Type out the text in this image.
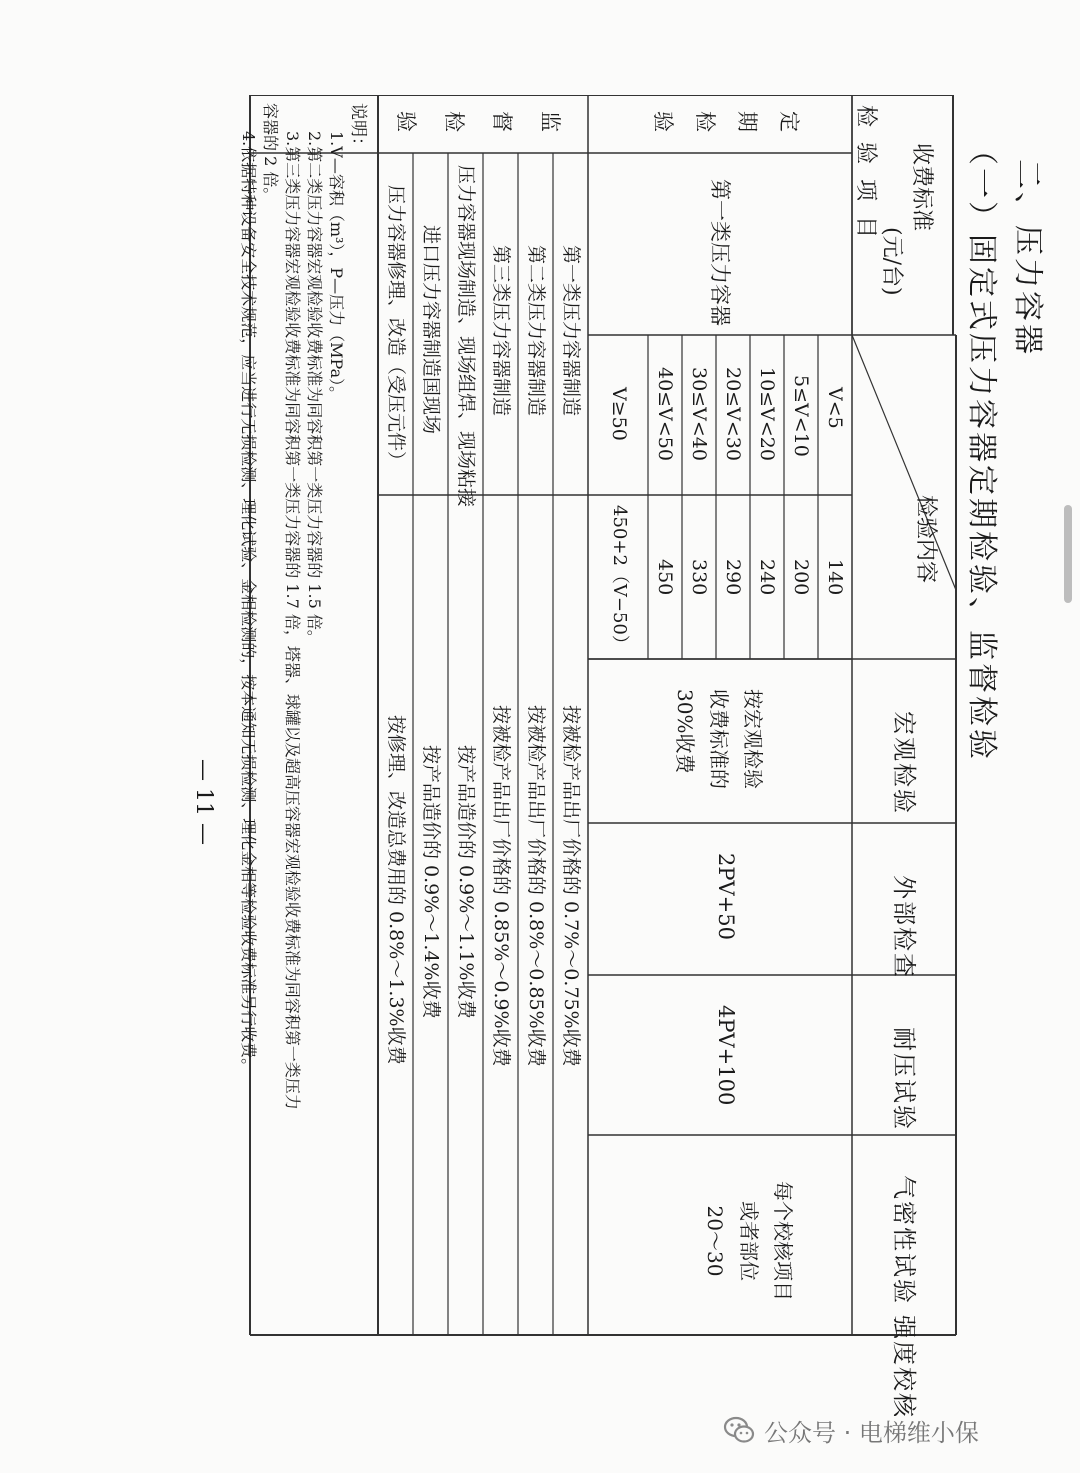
二、压力容器
（一）固定式压力容器定期检验、监督检验
收费标准
(元/台)
检 验 项 目
检验内容
宏观检验
外部检查
耐压试验
气密性试验
强度校核
定
期
检
验
监
督
检
验
第一类压力容器
V<5
140
5≤V<10
200
10≤V<20
240
20≤V<30
290
30≤V<40
330
40≤V<50
450
V≥50
450+2（V−50）
按宏观检验
收费标准的
30%收费
2PV+50
4PV+100
每个校核项目
或者部位
20～30
第一类压力容器制造
按被检产品出厂价格的 0.7%～0.75%收费
第二类压力容器制造
按被检产品出厂价格的 0.8%～0.85%收费
第三类压力容器制造
按被检产品出厂价格的 0.85%～0.9%收费
压力容器现场制造、现场组焊、现场粘接
按产品造价的 0.9%～1.1%收费
进口压力容器制造国现场
按产品造价的 0.9%～1.4%收费
压力容器修理、改造（受压元件）
按修理、改造总费用的 0.8%～1.3%收费
说明：
1.V—容积（m³），P—压力（MPa）。
2.第二类压力容器宏观检验收费标准为同容积第一类压力容器的 1.5 倍。
3.第三类压力容器宏观检验收费标准为同容积第一类压力容器的 1.7 倍，塔器、球罐以及超高压容器宏观检验收费标准为同容积第一类压力
容器的 2 倍。
4.依据特种设备安全技术规范，应当进行无损检测、理化试验、金相检测的，按本通知无损检测、理化金相等检验收费标准另行收费。
— 11 —
公众号 · 电梯维小保
